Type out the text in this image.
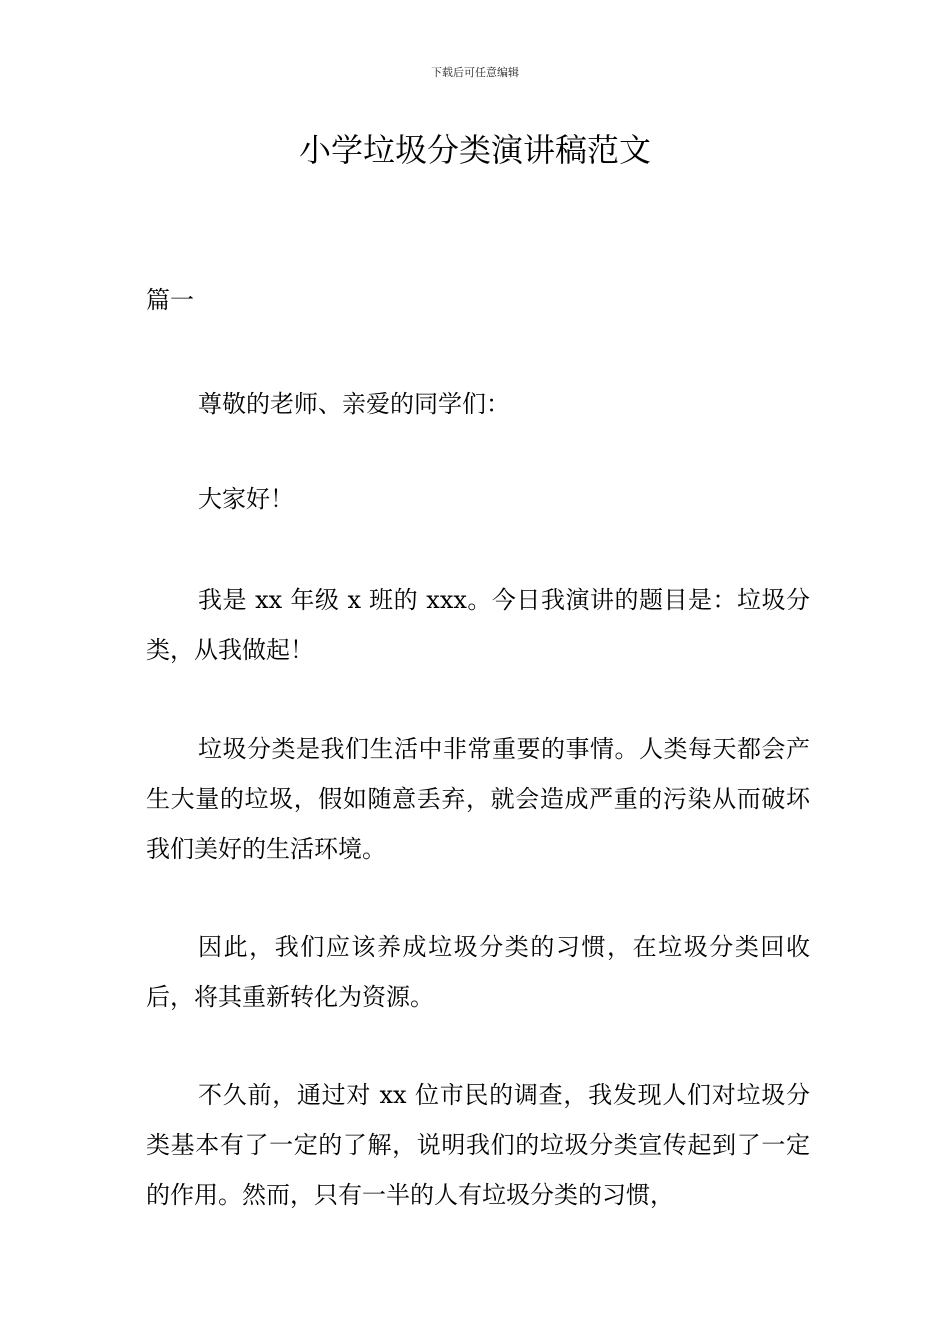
下载后可任意编辑
小学垃圾分类演讲稿范文
篇一

尊敬的老师、亲爱的同学们：

大家好！

我是 xx 年级 x 班的 xxx。今日我演讲的题目是：垃圾分类，从我做起！

垃圾分类是我们生活中非常重要的事情。人类每天都会产生大量的垃圾，假如随意丢弃，就会造成严重的污染从而破坏我们美好的生活环境。

因此，我们应该养成垃圾分类的习惯，在垃圾分类回收后，将其重新转化为资源。

不久前，通过对 xx 位市民的调查，我发现人们对垃圾分类基本有了一定的了解，说明我们的垃圾分类宣传起到了一定的作用。然而，只有一半的人有垃圾分类的习惯，
